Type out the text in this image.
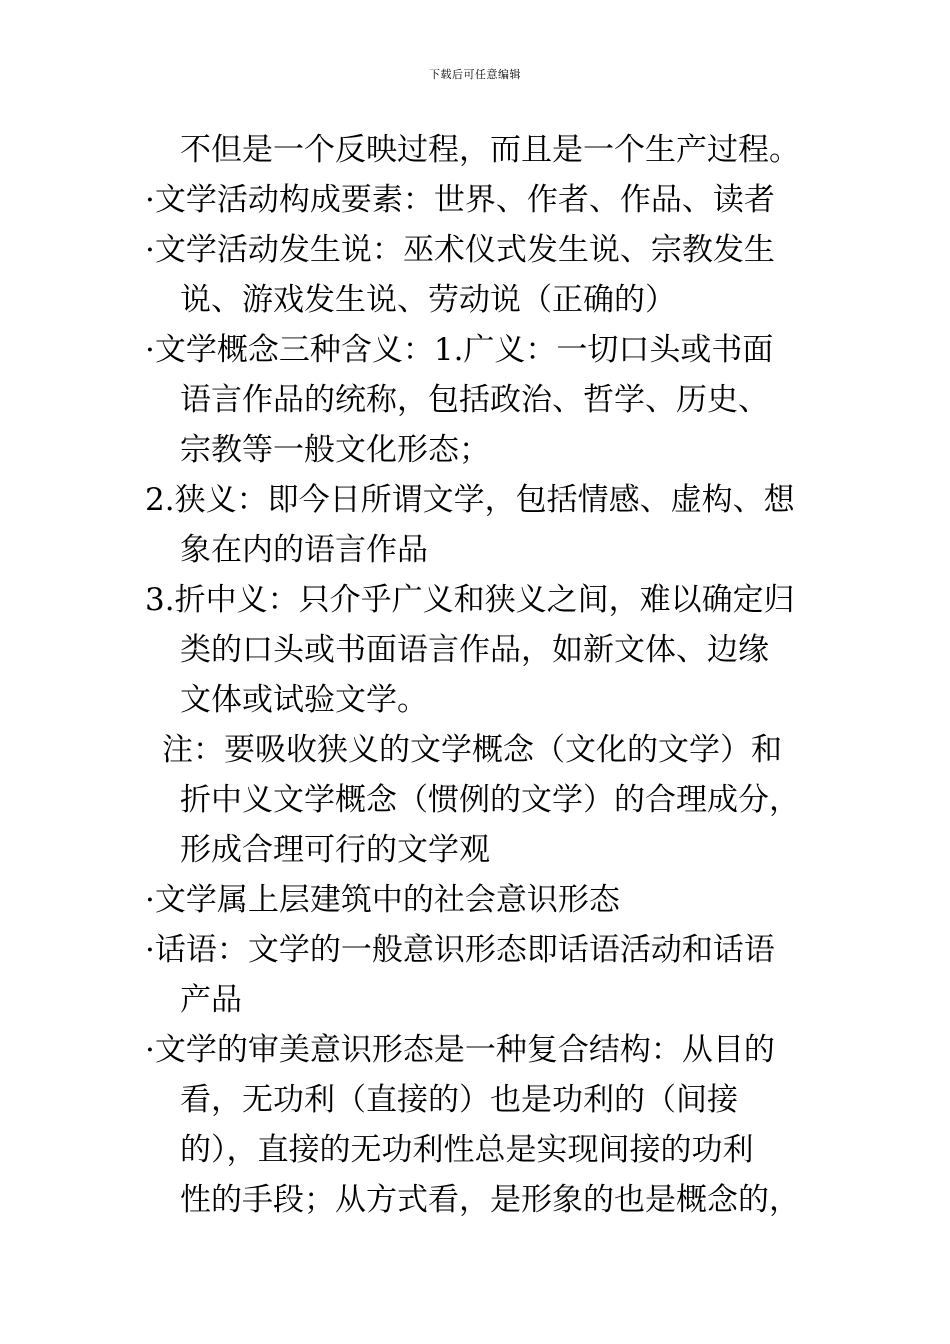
下载后可任意编辑
不但是一个反映过程，而且是一个生产过程。
·文学活动构成要素：世界、作者、作品、读者
·文学活动发生说：巫术仪式发生说、宗教发生
说、游戏发生说、劳动说（正确的）
·文学概念三种含义：1.广义：一切口头或书面
语言作品的统称，包括政治、哲学、历史、
宗教等一般文化形态；
2.狭义：即今日所谓文学，包括情感、虚构、想
象在内的语言作品
3.折中义：只介乎广义和狭义之间，难以确定归
类的口头或书面语言作品，如新文体、边缘
文体或试验文学。
注：要吸收狭义的文学概念（文化的文学）和
折中义文学概念（惯例的文学）的合理成分，
形成合理可行的文学观
·文学属上层建筑中的社会意识形态
·话语：文学的一般意识形态即话语活动和话语
产品
·文学的审美意识形态是一种复合结构：从目的
看，无功利（直接的）也是功利的（间接
的），直接的无功利性总是实现间接的功利
性的手段；从方式看，是形象的也是概念的，
